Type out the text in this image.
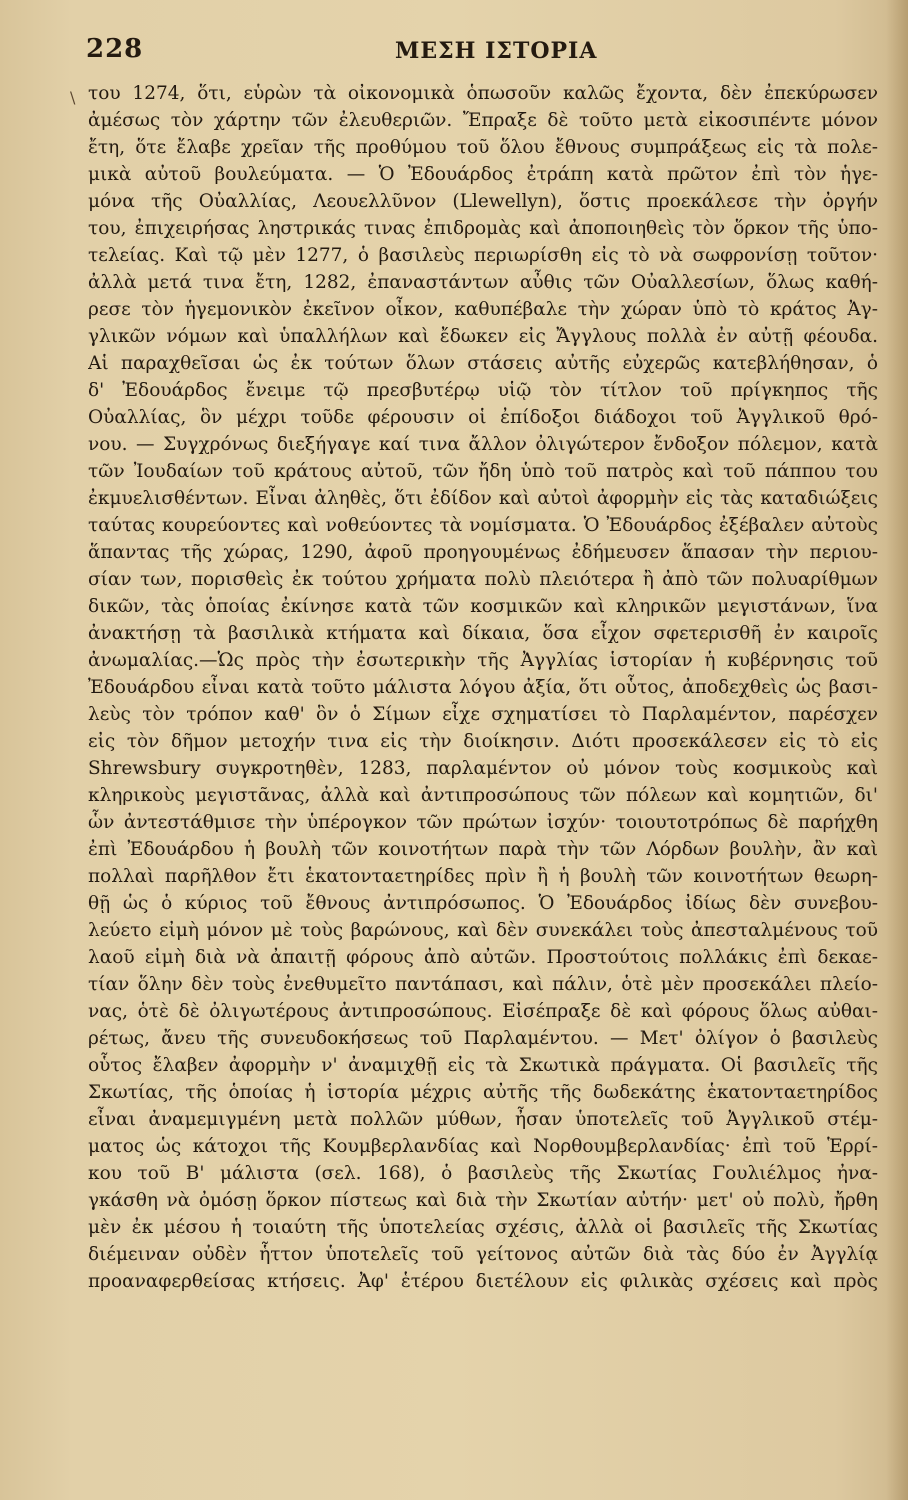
228	ΜΕΣΗ ΙΣΤΟΡΙΑ
\ του 1274, ὅτι, εὑρὼν τὰ οἰκονομικὰ ὁπωσοῦν καλῶς ἔχοντα, δὲν ἐπεκύρωσεν
ἀμέσως τὸν χάρτην τῶν ἐλευθεριῶν. Ἔπραξε δὲ τοῦτο μετὰ εἰκοσιπέντε μόνον
ἔτη, ὅτε ἔλαβε χρεῖαν τῆς προθύμου τοῦ ὅλου ἔθνους συμπράξεως εἰς τὰ πολε-
μικὰ αὐτοῦ βουλεύματα. — Ὁ Ἐδουάρδος ἐτράπη κατὰ πρῶτον ἐπὶ τὸν ἡγε-
μόνα τῆς Οὐαλλίας, Λεουελλῦνον (Llewellyn), ὅστις προεκάλεσε τὴν ὀργήν
του, ἐπιχειρήσας ληστρικάς τινας ἐπιδρομὰς καὶ ἀποποιηθεὶς τὸν ὅρκον τῆς ὑπο-
τελείας. Καὶ τῷ μὲν 1277, ὁ βασιλεὺς περιωρίσθη εἰς τὸ νὰ σωφρονίσῃ τοῦτον·
ἀλλὰ μετά τινα ἔτη, 1282, ἐπαναστάντων αὖθις τῶν Οὐαλλεσίων, ὅλως καθή-
ρεσε τὸν ἡγεμονικὸν ἐκεῖνον οἶκον, καθυπέβαλε τὴν χώραν ὑπὸ τὸ κράτος Ἀγ-
γλικῶν νόμων καὶ ὑπαλλήλων καὶ ἔδωκεν εἰς Ἄγγλους πολλὰ ἐν αὐτῇ φέουδα.
Αἱ παραχθεῖσαι ὡς ἐκ τούτων ὅλων στάσεις αὐτῆς εὐχερῶς κατεβλήθησαν, ὁ
δ' Ἐδουάρδος ἔνειμε τῷ πρεσβυτέρῳ υἱῷ τὸν τίτλον τοῦ πρίγκηπος τῆς
Οὐαλλίας, ὃν μέχρι τοῦδε φέρουσιν οἱ ἐπίδοξοι διάδοχοι τοῦ Ἀγγλικοῦ θρό-
νου. — Συγχρόνως διεξήγαγε καί τινα ἄλλον ὀλιγώτερον ἔνδοξον πόλεμον, κατὰ
τῶν Ἰουδαίων τοῦ κράτους αὐτοῦ, τῶν ἤδη ὑπὸ τοῦ πατρὸς καὶ τοῦ πάππου του
ἐκμυελισθέντων. Εἶναι ἀληθὲς, ὅτι ἐδίδον καὶ αὐτοὶ ἀφορμὴν εἰς τὰς καταδιώξεις
ταύτας κουρεύοντες καὶ νοθεύοντες τὰ νομίσματα. Ὁ Ἐδουάρδος ἐξέβαλεν αὐτοὺς
ἅπαντας τῆς χώρας, 1290, ἀφοῦ προηγουμένως ἐδήμευσεν ἅπασαν τὴν περιου-
σίαν των, πορισθεὶς ἐκ τούτου χρήματα πολὺ πλειότερα ἢ ἀπὸ τῶν πολυαρίθμων
δικῶν, τὰς ὁποίας ἐκίνησε κατὰ τῶν κοσμικῶν καὶ κληρικῶν μεγιστάνων, ἵνα
ἀνακτήσῃ τὰ βασιλικὰ κτήματα καὶ δίκαια, ὅσα εἶχον σφετερισθῆ ἐν καιροῖς
ἀνωμαλίας.—Ὡς πρὸς τὴν ἐσωτερικὴν τῆς Ἀγγλίας ἱστορίαν ἡ κυβέρνησις τοῦ
Ἐδουάρδου εἶναι κατὰ τοῦτο μάλιστα λόγου ἀξία, ὅτι οὗτος, ἀποδεχθεὶς ὡς βασι-
λεὺς τὸν τρόπον καθ' ὃν ὁ Σίμων εἶχε σχηματίσει τὸ Παρλαμέντον, παρέσχεν
εἰς τὸν δῆμον μετοχήν τινα εἰς τὴν διοίκησιν. Διότι προσεκάλεσεν εἰς τὸ εἰς
Shrewsbury συγκροτηθὲν, 1283, παρλαμέντον οὐ μόνον τοὺς κοσμικοὺς καὶ
κληρικοὺς μεγιστᾶνας, ἀλλὰ καὶ ἀντιπροσώπους τῶν πόλεων καὶ κομητιῶν, δι'
ὧν ἀντεστάθμισε τὴν ὑπέρογκον τῶν πρώτων ἰσχύν· τοιουτοτρόπως δὲ παρήχθη
ἐπὶ Ἐδουάρδου ἡ βουλὴ τῶν κοινοτήτων παρὰ τὴν τῶν Λόρδων βουλὴν, ἂν καὶ
πολλαὶ παρῆλθον ἔτι ἑκατονταετηρίδες πρὶν ἢ ἡ βουλὴ τῶν κοινοτήτων θεωρη-
θῇ ὡς ὁ κύριος τοῦ ἔθνους ἀντιπρόσωπος. Ὁ Ἐδουάρδος ἰδίως δὲν συνεβου-
λεύετο εἰμὴ μόνον μὲ τοὺς βαρώνους, καὶ δὲν συνεκάλει τοὺς ἀπεσταλμένους τοῦ
λαοῦ εἰμὴ διὰ νὰ ἀπαιτῇ φόρους ἀπὸ αὐτῶν. Προστούτοις πολλάκις ἐπὶ δεκαε-
τίαν ὅλην δὲν τοὺς ἐνεθυμεῖτο παντάπασι, καὶ πάλιν, ὁτὲ μὲν προσεκάλει πλείο-
νας, ὁτὲ δὲ ὀλιγωτέρους ἀντιπροσώπους. Εἰσέπραξε δὲ καὶ φόρους ὅλως αὐθαι-
ρέτως, ἄνευ τῆς συνευδοκήσεως τοῦ Παρλαμέντου. — Μετ' ὀλίγον ὁ βασιλεὺς
οὗτος ἔλαβεν ἀφορμὴν ν' ἀναμιχθῇ εἰς τὰ Σκωτικὰ πράγματα. Οἱ βασιλεῖς τῆς
Σκωτίας, τῆς ὁποίας ἡ ἱστορία μέχρις αὐτῆς τῆς δωδεκάτης ἑκατονταετηρίδος
εἶναι ἀναμεμιγμένη μετὰ πολλῶν μύθων, ἦσαν ὑποτελεῖς τοῦ Ἀγγλικοῦ στέμ-
ματος ὡς κάτοχοι τῆς Κουμβερλανδίας καὶ Νορθουμβερλανδίας· ἐπὶ τοῦ Ἑρρί-
κου τοῦ Β' μάλιστα (σελ. 168), ὁ βασιλεὺς τῆς Σκωτίας Γουλιέλμος ἠνα-
γκάσθη νὰ ὀμόσῃ ὅρκον πίστεως καὶ διὰ τὴν Σκωτίαν αὐτήν· μετ' οὐ πολὺ, ἤρθη
μὲν ἐκ μέσου ἡ τοιαύτη τῆς ὑποτελείας σχέσις, ἀλλὰ οἱ βασιλεῖς τῆς Σκωτίας
διέμειναν οὐδὲν ἧττον ὑποτελεῖς τοῦ γείτονος αὐτῶν διὰ τὰς δύο ἐν Ἀγγλίᾳ
προαναφερθείσας κτήσεις. Ἀφ' ἑτέρου διετέλουν εἰς φιλικὰς σχέσεις καὶ πρὸς
